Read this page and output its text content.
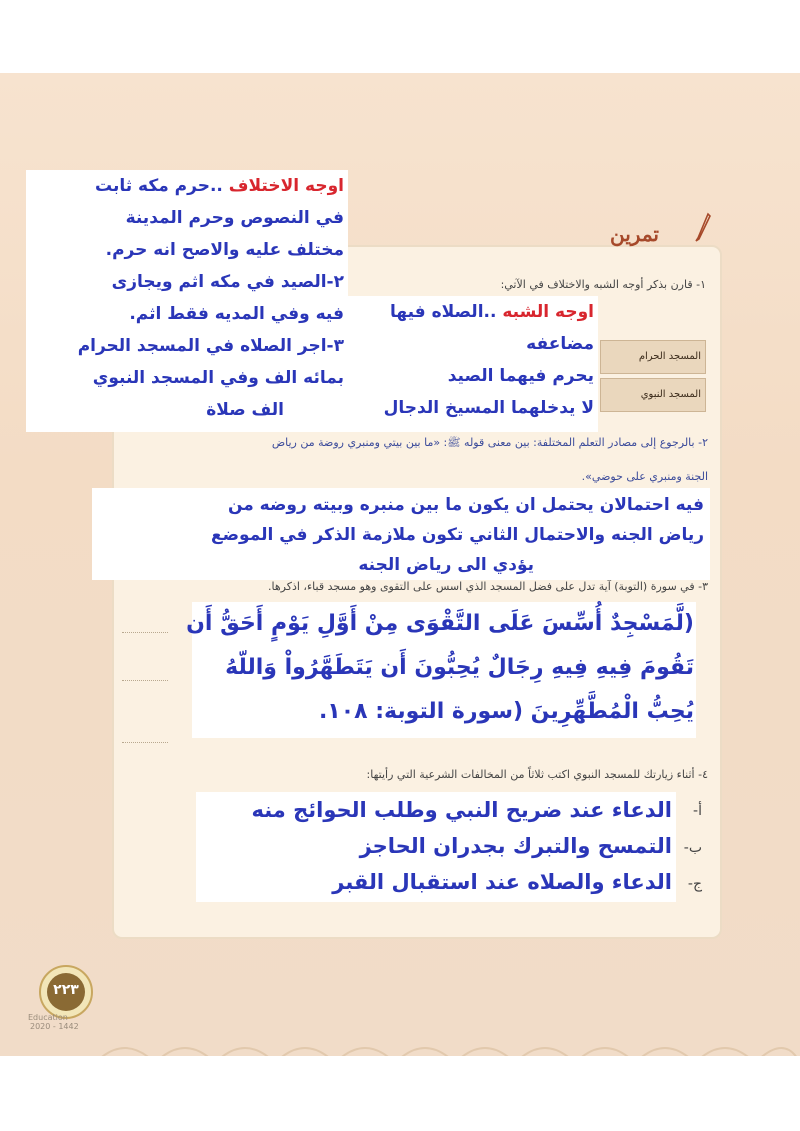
تمرين
١- قارن بذكر أوجه الشبه والاختلاف في الآتي:
المسجد الحرام
المسجد النبوي
٢- بالرجوع إلى مصادر التعلم المختلفة: بين معنى قوله ﷺ: «ما بين بيتي ومنبري روضة من رياض
الجنة ومنبري على حوضي».
٣- في سورة (التوبة) آية تدل على فضل المسجد الذي اسس على التقوى وهو مسجد قباء، اذكرها.
٤- أثناء زيارتك للمسجد النبوي اكتب ثلاثاً من المخالفات الشرعية التي رأيتها:
أ-
ب-
ج-
اوجه الاختلاف ..حرم مكه ثابت
في النصوص وحرم المدينة
مختلف عليه والاصح انه حرم.
٢-الصيد في مكه اثم ويجازى
فيه وفي المديه فقط اثم.
٣-اجر الصلاه في المسجد الحرام
بمائه الف وفي المسجد النبوي
الف صلاة
اوجه الشبه ..الصلاه فيها
مضاعفه
يحرم فيهما الصيد
لا يدخلهما المسيخ الدجال
فيه احتمالان يحتمل ان يكون ما بين منبره وبيته روضه من
رياض الجنه والاحتمال الثاني تكون ملازمة الذكر في الموضع
يؤدي الى رياض الجنه
(لَّمَسْجِدٌ أُسِّسَ عَلَى التَّقْوَى مِنْ أَوَّلِ يَوْمٍ أَحَقُّ أَن
تَقُومَ فِيهِ فِيهِ رِجَالٌ يُحِبُّونَ أَن يَتَطَهَّرُواْ وَاللّهُ
يُحِبُّ الْمُطَّهِّرِينَ (سورة التوبة: ١٠٨.
الدعاء عند ضريح النبي وطلب الحوائج منه
التمسح والتبرك بجدران الحاجز
الدعاء والصلاه عند استقبال القبر
٢٢٣
Education
2020 - 1442
